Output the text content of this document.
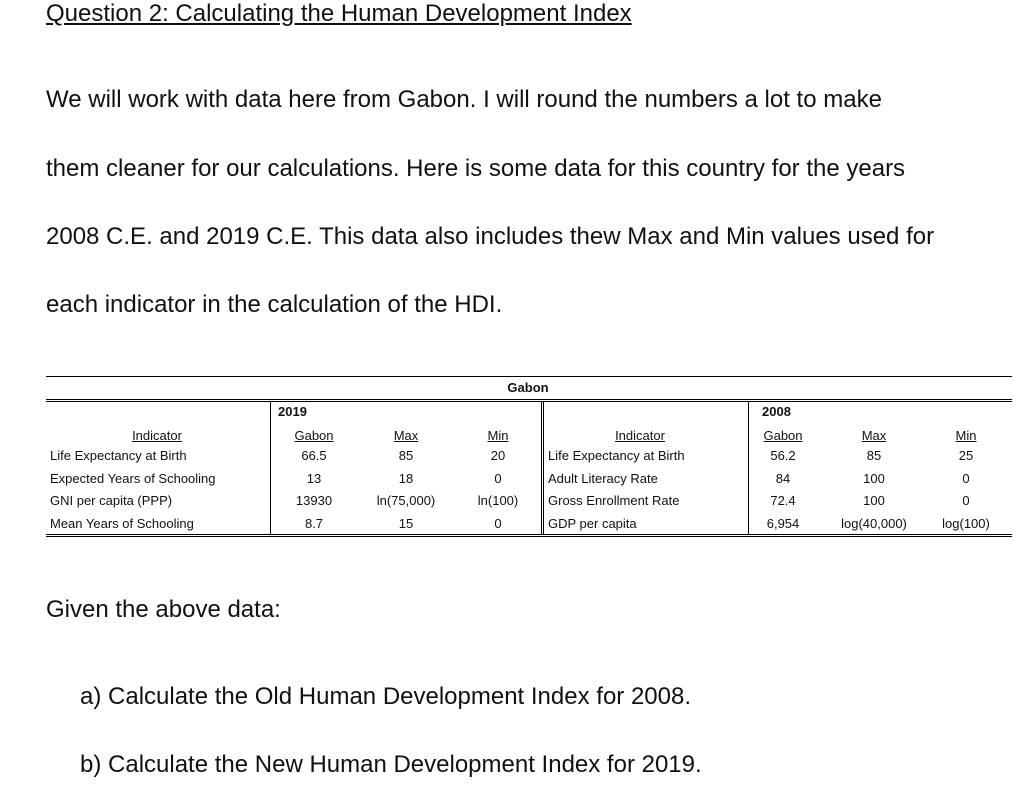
Question 2: Calculating the Human Development Index
We will work with data here from Gabon. I will round the numbers a lot to make
them cleaner for our calculations. Here is some data for this country for the years
2008 C.E. and 2019 C.E. This data also includes thew Max and Min values used for
each indicator in the calculation of the HDI.
Gabon
2019
Indicator	Gabon	Max	Min
Life Expectancy at Birth	66.5	85	20
Expected Years of Schooling	13	18	0
GNI per capita (PPP)	13930	ln(75,000)	ln(100)
Mean Years of Schooling	8.7	15	0
2008
Indicator	Gabon	Max	Min
Life Expectancy at Birth	56.2	85	25
Adult Literacy Rate	84	100	0
Gross Enrollment Rate	72.4	100	0
GDP per capita	6,954	log(40,000)	log(100)
Given the above data:
a) Calculate the Old Human Development Index for 2008.
b) Calculate the New Human Development Index for 2019.
